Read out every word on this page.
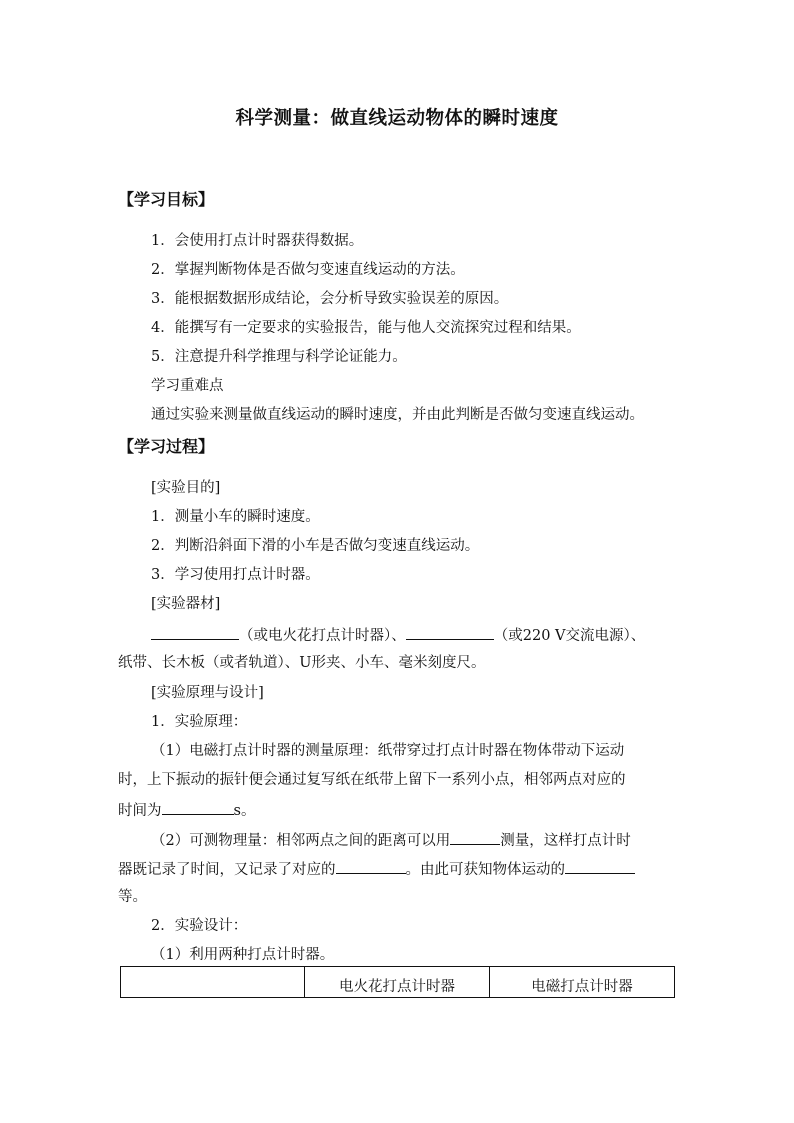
科学测量：做直线运动物体的瞬时速度
【学习目标】
1．会使用打点计时器获得数据。
2．掌握判断物体是否做匀变速直线运动的方法。
3．能根据数据形成结论，会分析导致实验误差的原因。
4．能撰写有一定要求的实验报告，能与他人交流探究过程和结果。
5．注意提升科学推理与科学论证能力。
学习重难点
通过实验来测量做直线运动的瞬时速度，并由此判断是否做匀变速直线运动。
【学习过程】
[实验目的]
1．测量小车的瞬时速度。
2．判断沿斜面下滑的小车是否做匀变速直线运动。
3．学习使用打点计时器。
[实验器材]
（或电火花打点计时器）、	（或220 V交流电源）、
纸带、长木板（或者轨道）、U形夹、小车、毫米刻度尺。
[实验原理与设计]
1．实验原理：
（1）电磁打点计时器的测量原理：纸带穿过打点计时器在物体带动下运动
时，上下振动的振针便会通过复写纸在纸带上留下一系列小点，相邻两点对应的
时间为	s。
（2）可测物理量：相邻两点之间的距离可以用	测量，这样打点计时
器既记录了时间，又记录了对应的	。由此可获知物体运动的
等。
2．实验设计：
（1）利用两种打点计时器。
	电火花打点计时器	电磁打点计时器
